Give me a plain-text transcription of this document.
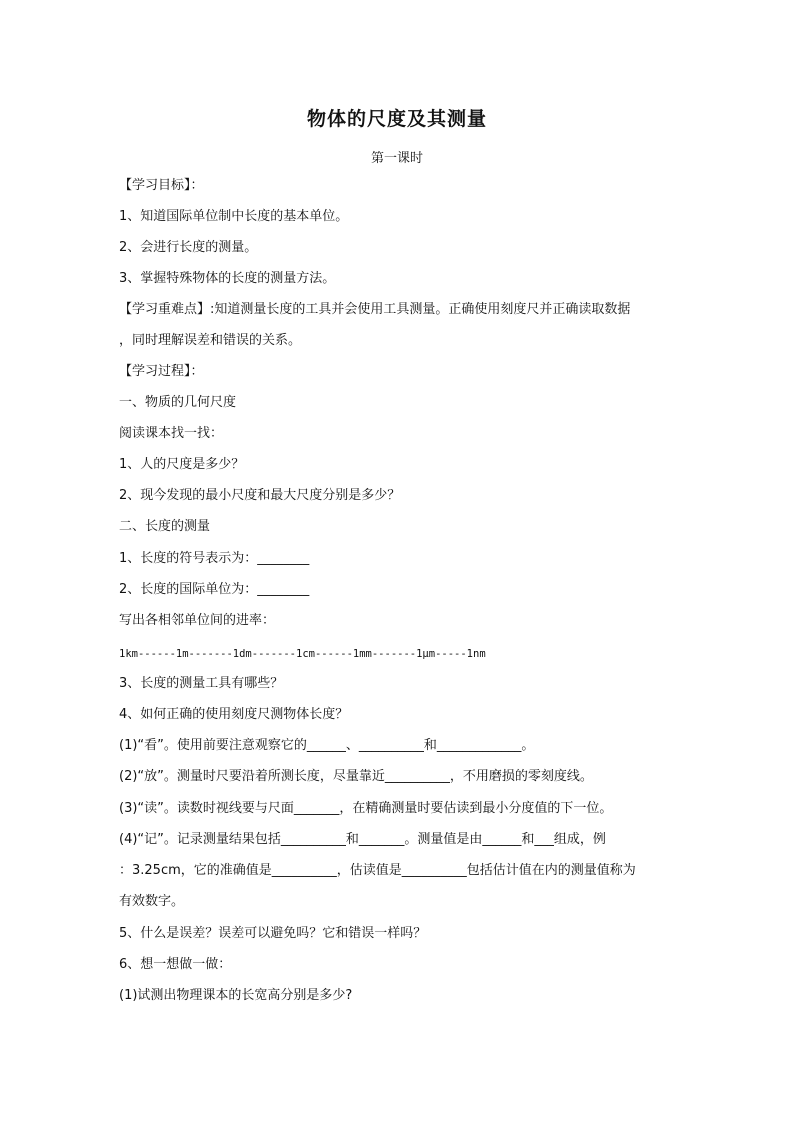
物体的尺度及其测量
第一课时
【学习目标】：
1、知道国际单位制中长度的基本单位。
2、会进行长度的测量。
3、掌握特殊物体的长度的测量方法。
【学习重难点】:知道测量长度的工具并会使用工具测量。正确使用刻度尺并正确读取数据
，同时理解误差和错误的关系。
【学习过程】：
一、物质的几何尺度
阅读课本找一找：
1、人的尺度是多少？
2、现今发现的最小尺度和最大尺度分别是多少？
二、长度的测量
1、长度的符号表示为：________
2、长度的国际单位为：________
写出各相邻单位间的进率：
1km------1m-------1dm-------1cm------1mm-------1μm-----1nm
3、长度的测量工具有哪些？
4、如何正确的使用刻度尺测物体长度？
(1)“看”。使用前要注意观察它的______、__________和_____________。
(2)“放”。测量时尺要沿着所测长度，尽量靠近__________，不用磨损的零刻度线。
(3)“读”。读数时视线要与尺面_______，在精确测量时要估读到最小分度值的下一位。
(4)“记”。记录测量结果包括__________和_______。测量值是由______和___组成，例
：3.25cm，它的准确值是__________，估读值是__________包括估计值在内的测量值称为
有效数字。
5、什么是误差？误差可以避免吗？它和错误一样吗？
6、想一想做一做：
(1)试测出物理课本的长宽高分别是多少?
